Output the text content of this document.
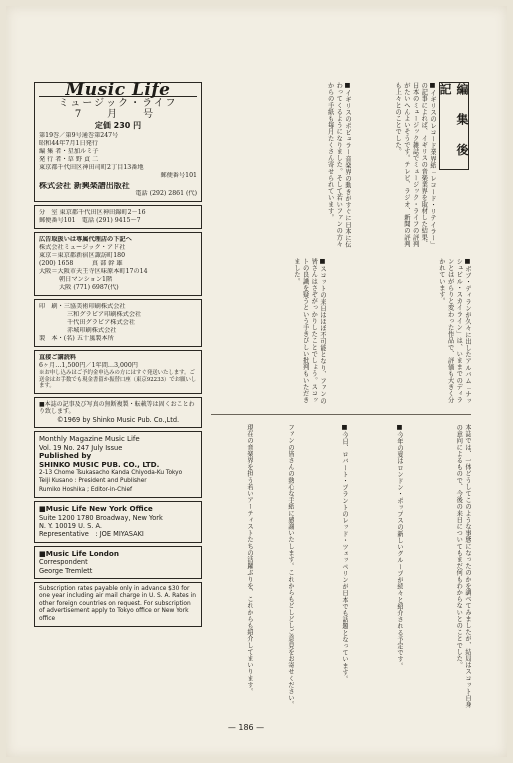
Music Life
ミュージック・ライフ
7　月　号
定価 230 円
第19巻／第9号通巻第247号
昭和44年7月1日発行
編 集 者・星加ルミ子
発 行 者・草 野 貞 二
東京都千代田区神田司町2丁目13番地
郵便番号101
株式会社 新興楽譜出版社
電話 (292) 2861 (代)
分　室 東京都千代田区神田錦町2－16
郵便番号101　電話 (291) 9415～7
広告取扱いは専属代理店の下記へ
株式会社ミュージック・アド社
東京＝東京都新宿区諏訪町180
(200) 1658　　　真 部 幹 雄
大阪＝大阪市天王寺区味原本町17の14
朝日マンション1階
大阪 (771) 6987(代)
印　刷・三協美術印刷株式会社
三和グラビア印刷株式会社
千代田グラビア株式会社
赤城印刷株式会社
製　本・(名) 五十嵐製本所
直接ご講読料
6ヶ月…1,500円／1年間…3,000円
※お申し込みはご予約金申込みの方にはすぐ発送いたします。ご送金はお手数でも現金書留か振替口座（東京92233）でお願いします。
■本誌の記事及び写真の無断複製・転載等は固くおことわり致します。
©1969 by Shinko Music Pub. Co.,Ltd.
Monthly Magazine Music Life
Vol. 19 No. 247 July Issue
Published by
SHINKO MUSIC PUB. CO., LTD.
2-13 Chome Tsukasacho Kanda Chiyoda-Ku Tokyo
Teiji Kusano : President and Publisher
Rumiko Hoshika ; Editor-in-Chief
■Music Life New York Office
Suite 1200 1780 Broadway, New York
N. Y. 10019 U. S. A.
Representative　: JOE MIYASAKI
■Music Life London
Correspondent
George Tremlett
Subscription rates payable only in advance $30 for one year including air mail charge in U. S. A. Rates in other foreign countries on request. For subscription of advertisement apply to Tokyo office or New York office
編 集 後 記
■イギリスのレコード業界紙「レコード・リテイラー」の記事によれば、イギリスの音楽業界を取材した結果、日本のミュージック雑誌でミュージック・ライフの評判がたいへんよいそうです。テレビ、ラジオ、新聞の評判も上々とのことでした。
■イギリスのポピュラー音楽界の動きがすぐに日本に伝わってくるようになりました。そして若いファンの方々からの手紙も毎月たくさん寄せられています。
■スコットの来日はほぼ不可能となり、ファンの皆さんはさぞがっかりしたことでしょう。スコットの良識を疑うという手きびしい批判もいただきました。	■ボブ・ディランが久々に出したアルバム「ナッシュビル・スカイライン」は、いままでのディランとはがらりと変わった作品で、評価も大きく分かれています。
本誌では、一体どうしてこのような事態になったのかを調べてみましたが、結局はスコット自身の意向によるもので、今後の来日についてもまだ何もわからないとのことでした。
■今年の夏はロンドン・ポップスの新しいグループが続々と紹介される予定です。
■今日、ロバート・プラントのレッド・ツェッペリンが日本でも話題となっています。
ファンの皆さんの熱心な手紙に感謝いたします。これからもどしどしご意見をお寄せください。
現在の音楽界を担う若いアーティストたちの活躍ぶりを、これからも紹介してまいります。
— 186 —
